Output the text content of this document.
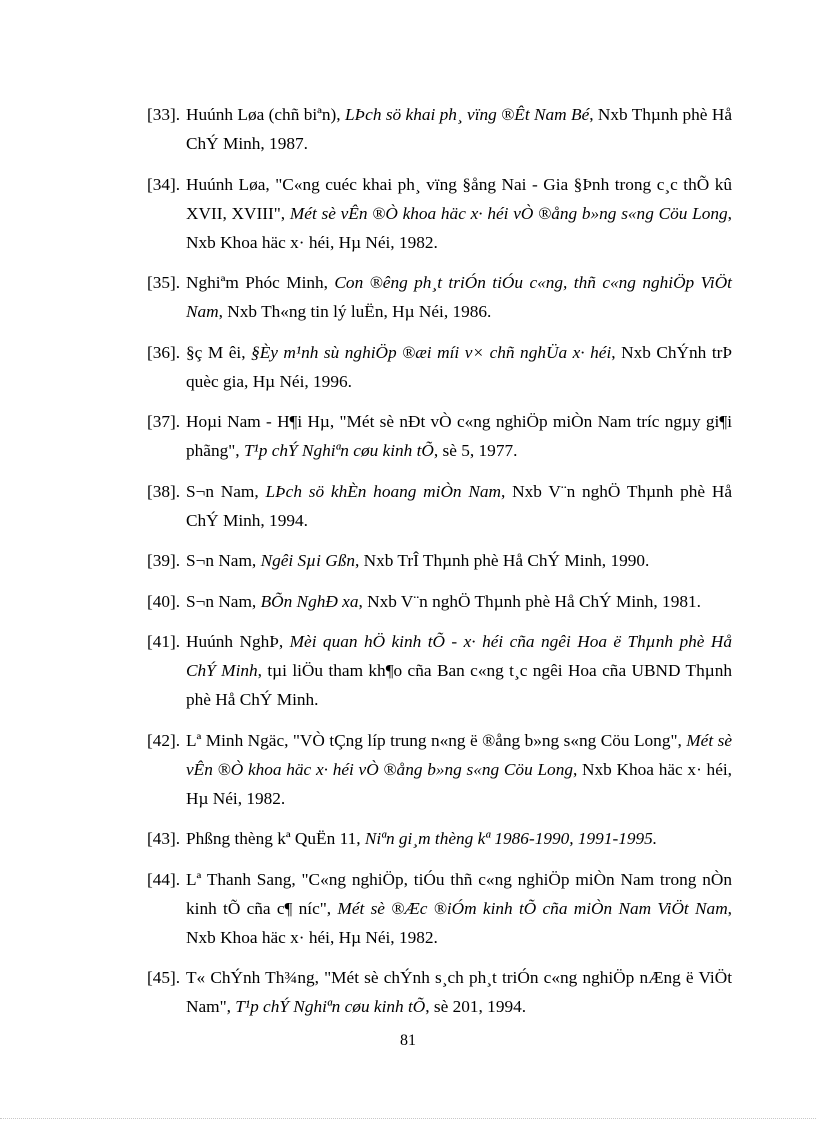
[33]. Huúnh Løa (chñ biªn), LÞch sö khai ph¸ vïng ®Êt Nam Bé, Nxb Thµnh phè Hå ChÝ Minh, 1987.
[34]. Huúnh Løa, "C«ng cuéc khai ph¸ vïng §ång Nai - Gia §Þnh trong c¸c thÕ kû XVII, XVIII", Mét sè vÊn ®Ò khoa häc x· héi vÒ ®ång b»ng s«ng Cöu Long, Nxb Khoa häc x· héi, Hµ Néi, 1982.
[35]. Nghiªm Phóc Minh, Con ®êng ph¸t triÓn tiÓu c«ng, thñ c«ng nghiÖp ViÖt Nam, Nxb Th«ng tin lý luËn, Hµ Néi, 1986.
[36]. §ç M êi, §Èy m¹nh sù nghiÖp ®æi míi v× chñ nghÜa x· héi, Nxb ChÝnh trÞ quèc gia, Hµ Néi, 1996.
[37]. Hoµi Nam - H¶i Hµ, "Mét sè nÐt vÒ c«ng nghiÖp miÒn Nam tríc ngµy gi¶i phãng", T¹p chÝ Nghiªn cøu kinh tÕ, sè 5, 1977.
[38]. S¬n Nam, LÞch sö khÈn hoang miÒn Nam, Nxb V¨n nghÖ Thµnh phè Hå ChÝ Minh, 1994.
[39]. S¬n Nam, Ngêi Sµi Gßn, Nxb TrÎ Thµnh phè Hå ChÝ Minh, 1990.
[40]. S¬n Nam, BÕn NghÐ xa, Nxb V¨n nghÖ Thµnh phè Hå ChÝ Minh, 1981.
[41]. Huúnh NghÞ, Mèi quan hÖ kinh tÕ - x· héi cña ngêi Hoa ë Thµnh phè Hå ChÝ Minh, tµi liÖu tham kh¶o cña Ban c«ng t¸c ngêi Hoa cña UBND Thµnh phè Hå ChÝ Minh.
[42]. Lª Minh Ngäc, "VÒ tÇng líp trung n«ng ë ®ång b»ng s«ng Cöu Long", Mét sè vÊn ®Ò khoa häc x· héi vÒ ®ång b»ng s«ng Cöu Long, Nxb Khoa häc x· héi, Hµ Néi, 1982.
[43]. Phßng thèng kª QuËn 11, Niªn gi¸m thèng kª 1986-1990, 1991-1995.
[44]. Lª Thanh Sang, "C«ng nghiÖp, tiÓu thñ c«ng nghiÖp miÒn Nam trong nÒn kinh tÕ cña c¶ níc", Mét sè ®Æc ®iÓm kinh tÕ cña miÒn Nam ViÖt Nam, Nxb Khoa häc x· héi, Hµ Néi, 1982.
[45]. T« ChÝnh Th¾ng, "Mét sè chÝnh s¸ch ph¸t triÓn c«ng nghiÖp nÆng ë ViÖt Nam", T¹p chÝ Nghiªn cøu kinh tÕ, sè 201, 1994.
81
